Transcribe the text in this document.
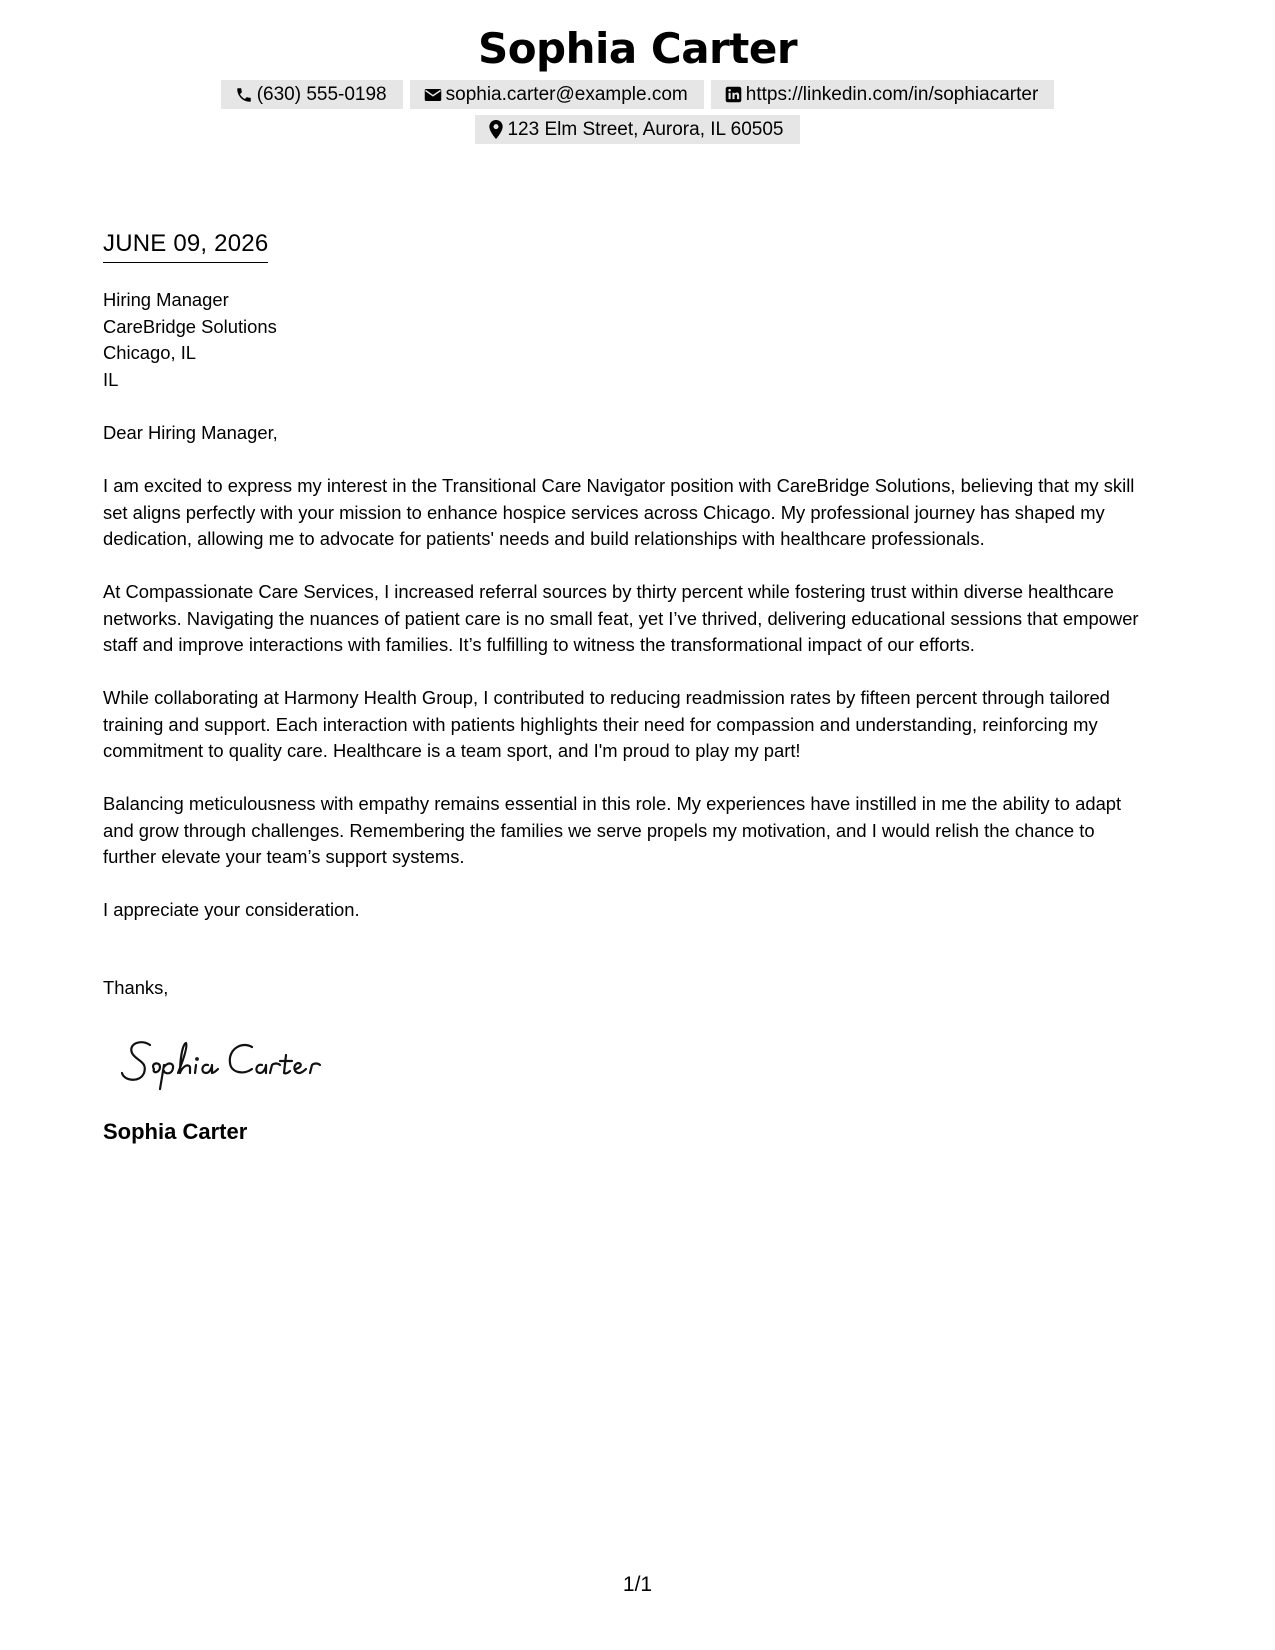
Sophia Carter
(630) 555-0198	sophia.carter@example.com	https://linkedin.com/in/sophiacarter
123 Elm Street, Aurora, IL 60505
JUNE 09, 2026
Hiring Manager
CareBridge Solutions
Chicago, IL
IL
Dear Hiring Manager,
I am excited to express my interest in the Transitional Care Navigator position with CareBridge Solutions, believing that my skill
set aligns perfectly with your mission to enhance hospice services across Chicago. My professional journey has shaped my
dedication, allowing me to advocate for patients' needs and build relationships with healthcare professionals.
At Compassionate Care Services, I increased referral sources by thirty percent while fostering trust within diverse healthcare
networks. Navigating the nuances of patient care is no small feat, yet I’ve thrived, delivering educational sessions that empower
staff and improve interactions with families. It’s fulfilling to witness the transformational impact of our efforts.
While collaborating at Harmony Health Group, I contributed to reducing readmission rates by fifteen percent through tailored
training and support. Each interaction with patients highlights their need for compassion and understanding, reinforcing my
commitment to quality care. Healthcare is a team sport, and I'm proud to play my part!
Balancing meticulousness with empathy remains essential in this role. My experiences have instilled in me the ability to adapt
and grow through challenges. Remembering the families we serve propels my motivation, and I would relish the chance to
further elevate your team’s support systems.
I appreciate your consideration.
Thanks,
Sophia Carter
1/1
